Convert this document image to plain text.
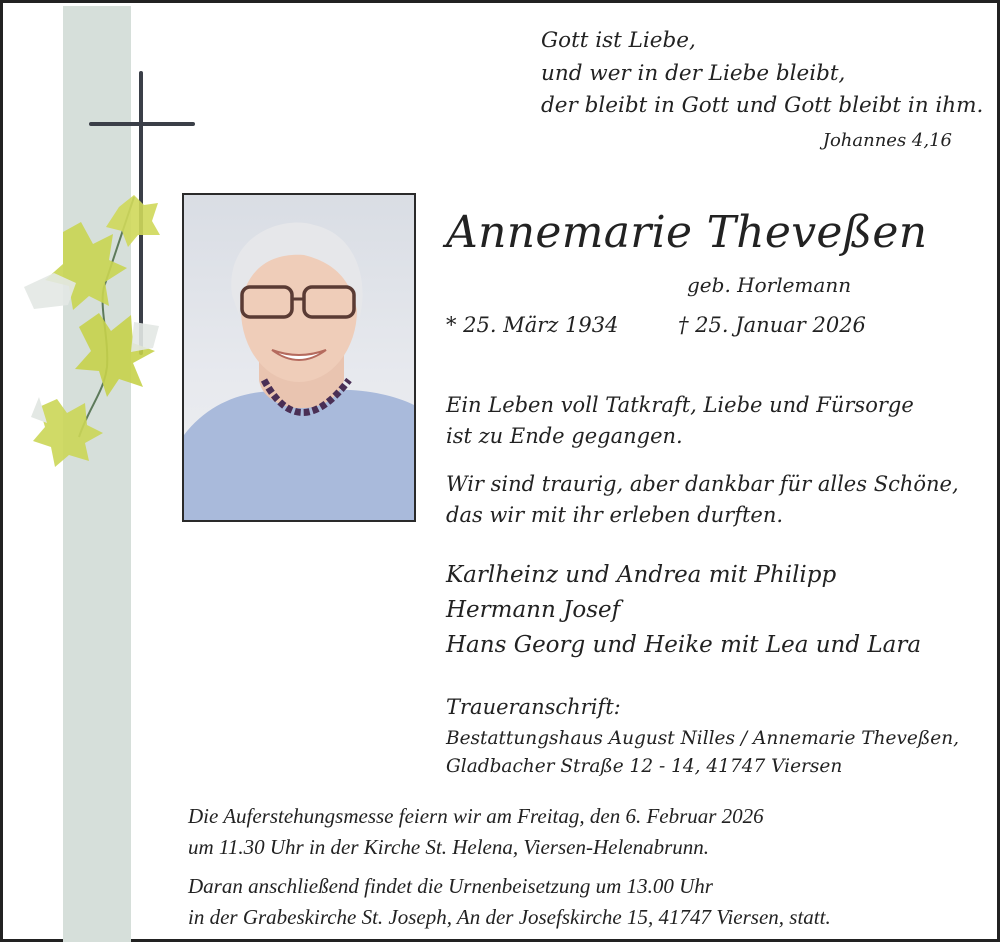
Gott ist Liebe,
und wer in der Liebe bleibt,
der bleibt in Gott und Gott bleibt in ihm.
Johannes 4,16
Annemarie Theveßen
geb. Horlemann
* 25. März 1934	† 25. Januar 2026
Ein Leben voll Tatkraft, Liebe und Fürsorge
ist zu Ende gegangen.
Wir sind traurig, aber dankbar für alles Schöne,
das wir mit ihr erleben durften.
Karlheinz und Andrea mit Philipp
Hermann Josef
Hans Georg und Heike mit Lea und Lara
Traueranschrift:
Bestattungshaus August Nilles / Annemarie Theveßen,
Gladbacher Straße 12 - 14, 41747 Viersen
Die Auferstehungsmesse feiern wir am Freitag, den 6. Februar 2026
um 11.30 Uhr in der Kirche St. Helena, Viersen-Helenabrunn.
Daran anschließend findet die Urnenbeisetzung um 13.00 Uhr
in der Grabeskirche St. Joseph, An der Josefskirche 15, 41747 Viersen, statt.
